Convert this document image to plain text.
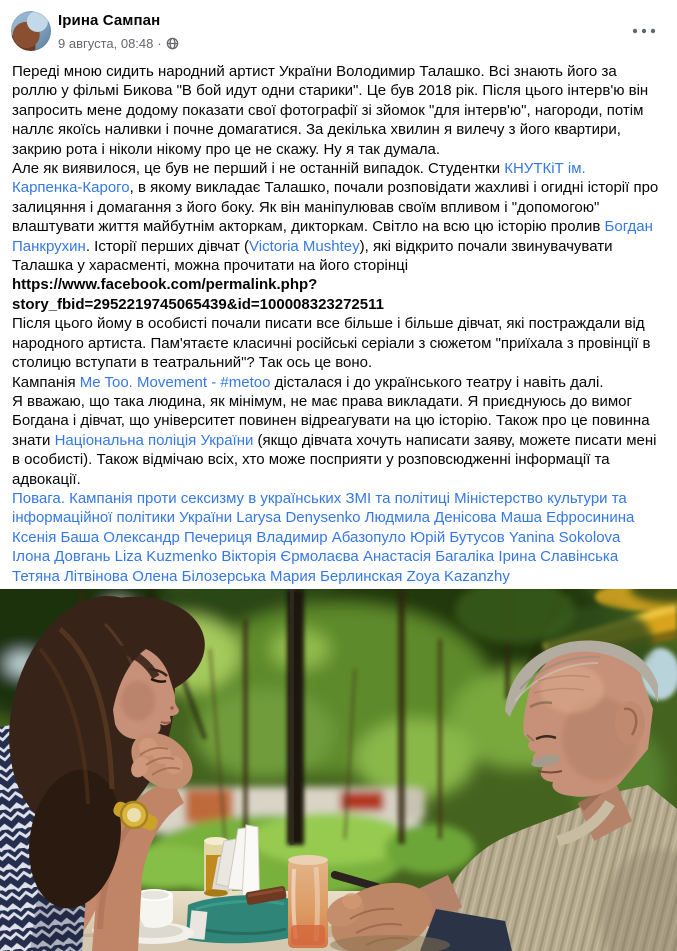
Ірина Сампан
9 августа, 08:48 ·
Переді мною сидить народний артист України Володимир Талашко. Всі знають його за роллю у фільмі Бикова "В бой идут одни старики". Це був 2018 рік. Після цього інтерв'ю він запросить мене додому показати свої фотографії зі зйомок "для інтерв'ю", нагороди, потім наллє якоїсь наливки і почне домагатися. За декілька хвилин я вилечу з його квартири, закрию рота і ніколи нікому про це не скажу. Ну я так думала.
Але як виявилося, це був не перший і не останній випадок. Студентки КНУТКіТ ім. Карпенка-Карого, в якому викладає Талашко, почали розповідати жахливі і огидні історії про залицяння і домагання з його боку. Як він маніпулював своїм впливом і "допомогою" влаштувати життя майбутнім акторкам, дикторкам. Світло на всю цю історію пролив Богдан Панкрухин. Історії перших дівчат (Victoria Mushtey), які відкрито почали звинувачувати Талашка у харасменті, можна прочитати на його сторінці
https://www.facebook.com/permalink.php?
story_fbid=2952219745065439&id=100008323272511
Після цього йому в особисті почали писати все більше і більше дівчат, які постраждали від народного артиста. Пам'ятаєте класичні російські серіали з сюжетом "приїхала з провінції в столицю вступати в театральний"? Так ось це воно.
Кампанія Me Too. Movement - #metoo дісталася і до українського театру і навіть далі.
Я вважаю, що така людина, як мінімум, не має права викладати. Я приєднуюсь до вимог Богдана і дівчат, що університет повинен відреагувати на цю історію. Також про це повинна знати Національна поліція України (якщо дівчата хочуть написати заяву, можете писати мені в особисті). Також відмічаю всіх, хто може посприяти у розповсюдженні інформації та адвокації.
Повага. Кампанія проти сексизму в українських ЗМІ та політиці Міністерство культури та інформаційної політики України Larysa Denysenko Людмила Денісова Маша Ефросинина Ксенія Баша Олександр Печериця Владимир Абазопуло Юрій Бутусов Yanina Sokolova Ілона Довгань Liza Kuzmenko Вікторія Єрмолаєва Анастасія Багаліка Ірина Славінська Тетяна Літвінова Олена Білозерська Мария Берлинская Zoya Kazanzhy
